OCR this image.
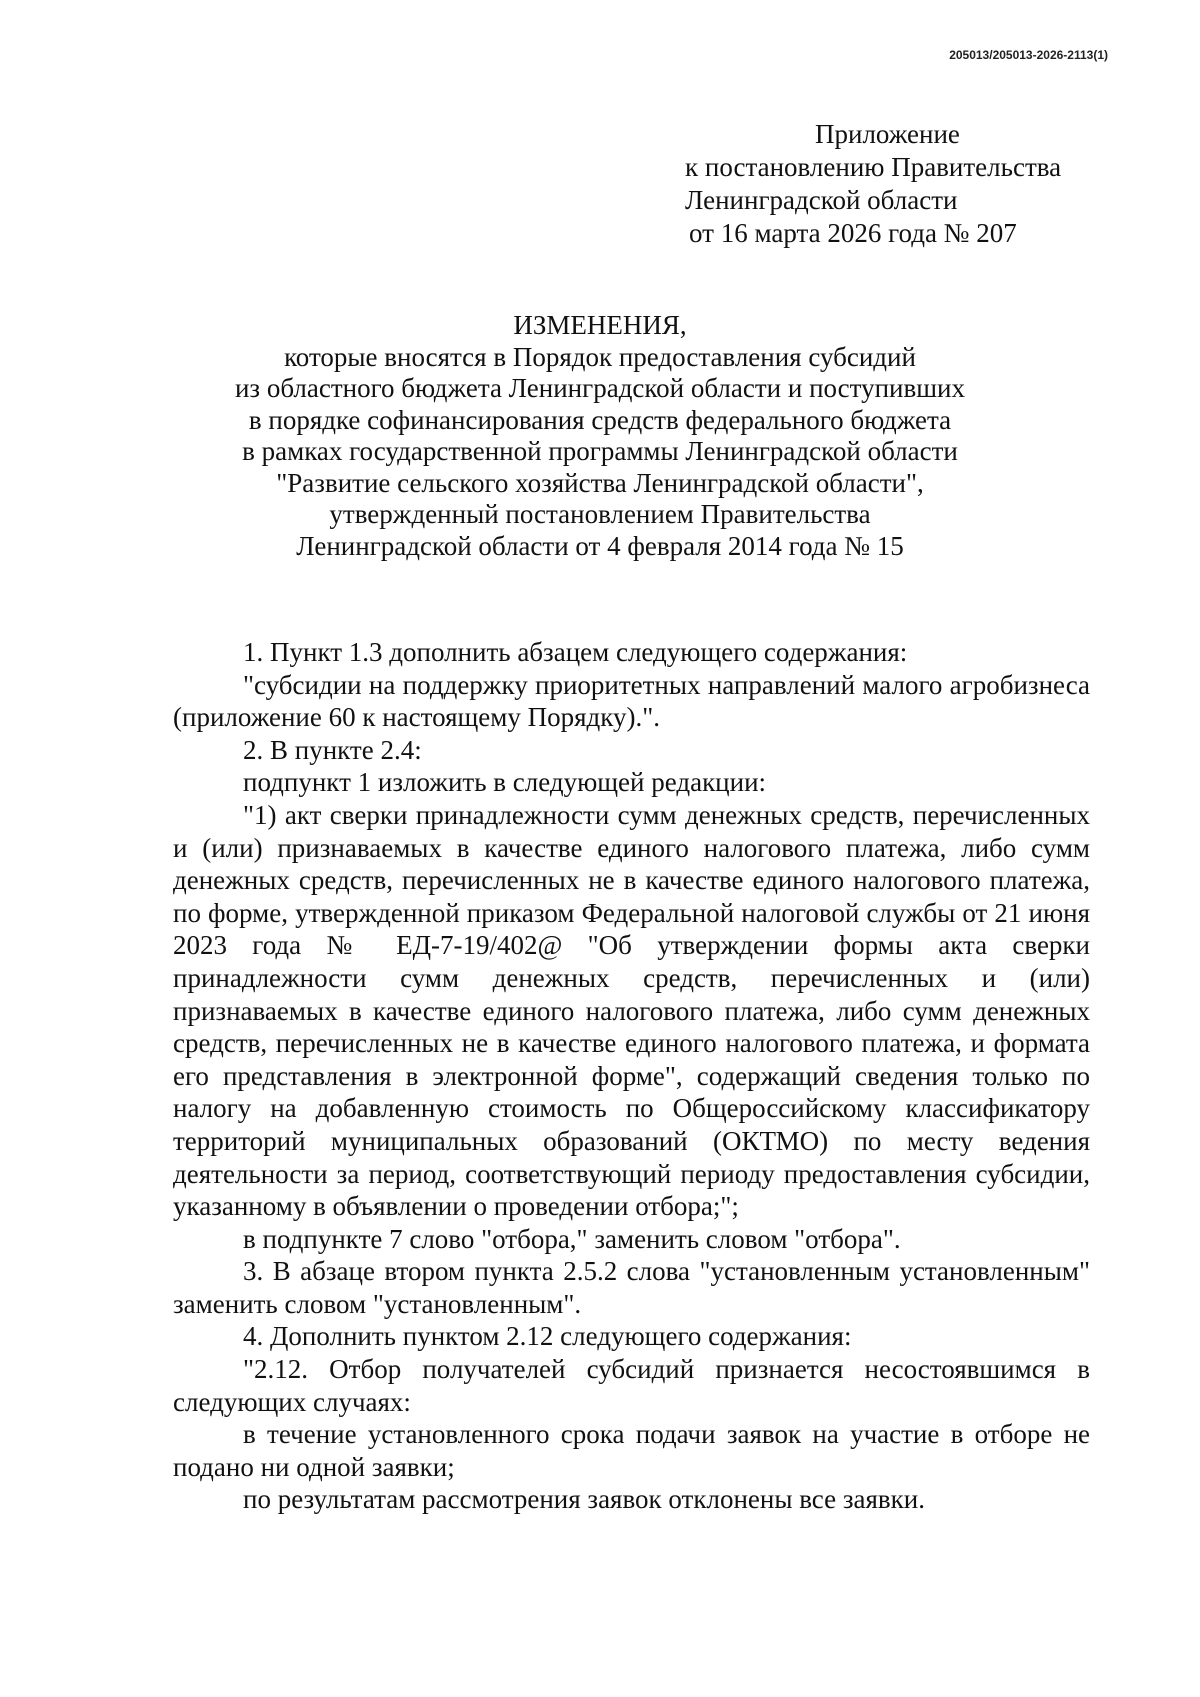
205013/205013-2026-2113(1)
Приложение
к постановлению Правительства
Ленинградской области
от 16 марта 2026 года № 207
ИЗМЕНЕНИЯ,
которые вносятся в Порядок предоставления субсидий
из областного бюджета Ленинградской области и поступивших
в порядке софинансирования средств федерального бюджета
в рамках государственной программы Ленинградской области
"Развитие сельского хозяйства Ленинградской области",
утвержденный постановлением Правительства
Ленинградской области от 4 февраля 2014 года № 15

1. Пункт 1.3 дополнить абзацем следующего содержания:

"субсидии на поддержку приоритетных направлений малого агробизнеса (приложение 60 к настоящему Порядку).".

2. В пункте 2.4:

подпункт 1 изложить в следующей редакции:

"1) акт сверки принадлежности сумм денежных средств, перечисленных и (или) признаваемых в качестве единого налогового платежа, либо сумм денежных средств, перечисленных не в качестве единого налогового платежа, по форме, утвержденной приказом Федеральной налоговой службы от 21 июня 2023 года № ЕД-7-19/402@ "Об утверждении формы акта сверки принадлежности сумм денежных средств, перечисленных и (или) признаваемых в качестве единого налогового платежа, либо сумм денежных средств, перечисленных не в качестве единого налогового платежа, и формата его представления в электронной форме", содержащий сведения только по налогу на добавленную стоимость по Общероссийскому классификатору территорий муниципальных образований (ОКТМО) по месту ведения деятельности за период, соответствующий периоду предоставления субсидии, указанному в объявлении о проведении отбора;";

в подпункте 7 слово "отбора," заменить словом "отбора".

3. В абзаце втором пункта 2.5.2 слова "установленным установленным" заменить словом "установленным".

4. Дополнить пунктом 2.12 следующего содержания:

"2.12. Отбор получателей субсидий признается несостоявшимся в следующих случаях:

в течение установленного срока подачи заявок на участие в отборе не подано ни одной заявки;

по результатам рассмотрения заявок отклонены все заявки.
